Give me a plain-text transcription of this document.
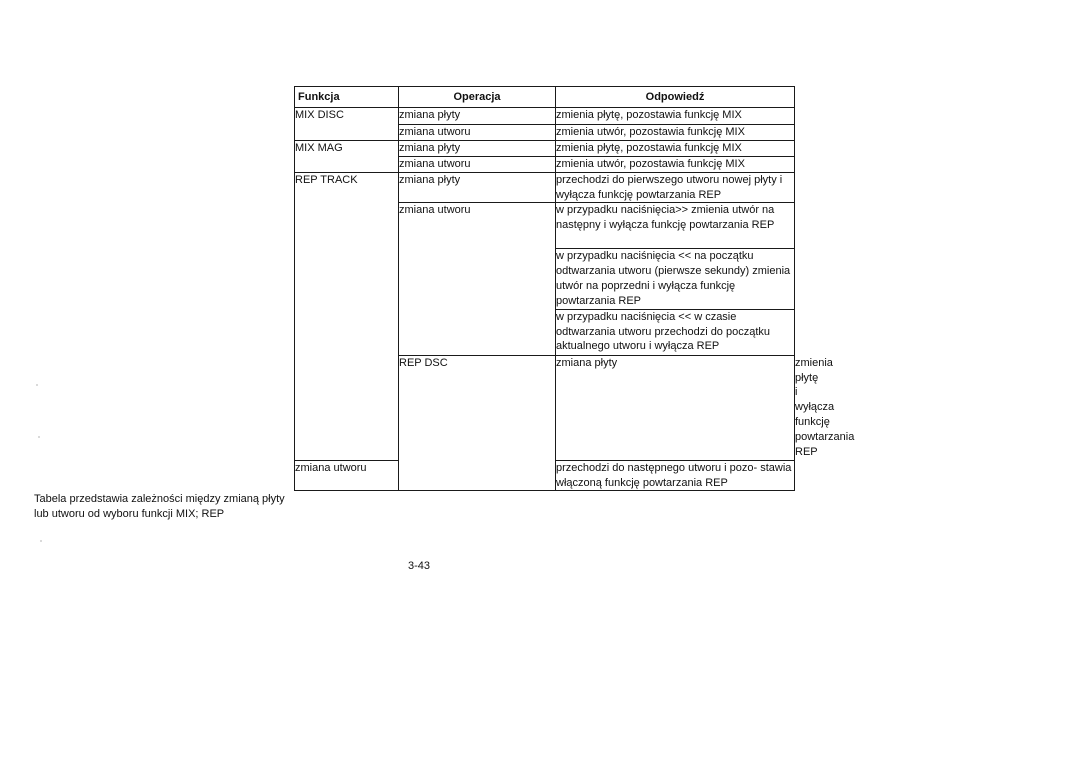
Funkcja	Operacja	Odpowiedź	
MIX DISC	zmiana płyty	zmienia płytę, pozostawia funkcję MIX	
	zmiana utworu	zmienia utwór, pozostawia funkcję MIX	
MIX MAG	zmiana płyty	zmienia płytę, pozostawia funkcję MIX	
	zmiana utworu	zmienia utwór, pozostawia funkcję MIX	
REP TRACK	zmiana płyty	przechodzi do pierwszego utworu nowej płyty i wyłącza funkcję powtarzania REP	
	zmiana utworu	w przypadku naciśnięcia>> zmienia utwór na następny i wyłącza funkcję powtarzania REP	
		w przypadku naciśnięcia << na początku odtwarzania utworu (pierwsze sekundy) zmienia utwór na poprzedni i wyłącza funkcję powtarzania REP	
		w przypadku naciśnięcia << w czasie odtwarzania utworu przechodzi do początku aktualnego utworu i wyłącza REP	
	REP DSC	zmiana płyty	zmienia płytę i wyłącza funkcję powtarzania REP
zmiana utworu		przechodzi do następnego utworu i pozo- stawia włączoną funkcję powtarzania REP	
Tabela przedstawia zależności między zmianą płyty lub utworu od wyboru funkcji MIX; REP
3-43
